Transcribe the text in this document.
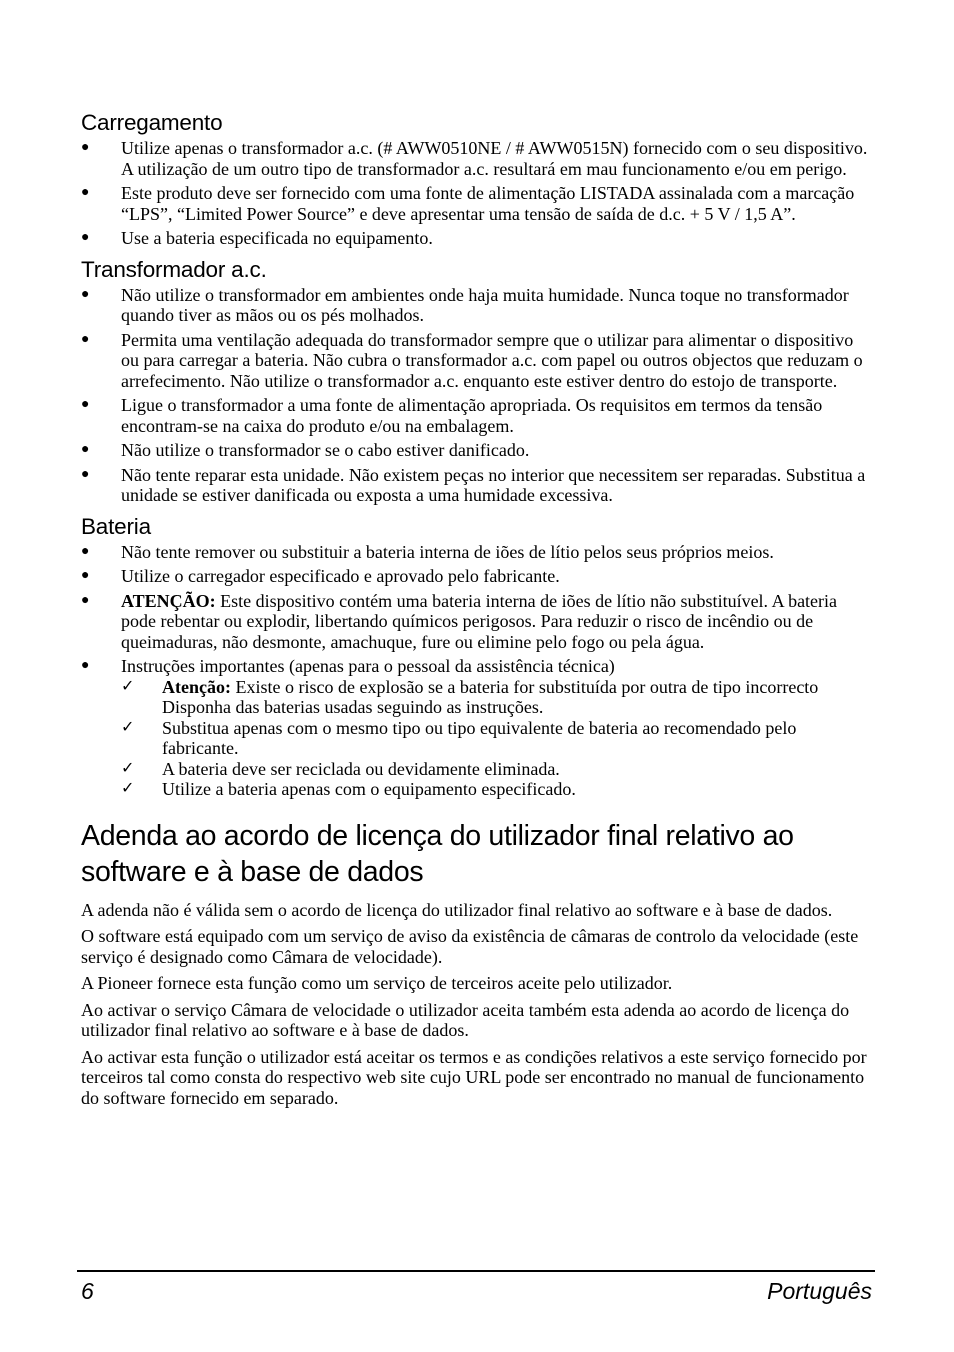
Carregamento
● Utilize apenas o transformador a.c. (# AWW0510NE / # AWW0515N) fornecido com o seu dispositivo. A utilização de um outro tipo de transformador a.c. resultará em mau funcionamento e/ou em perigo.
● Este produto deve ser fornecido com uma fonte de alimentação LISTADA assinalada com a marcação “LPS”, “Limited Power Source” e deve apresentar uma tensão de saída de d.c. + 5 V / 1,5 A”.
● Use a bateria especificada no equipamento.
Transformador a.c.
● Não utilize o transformador em ambientes onde haja muita humidade. Nunca toque no transformador quando tiver as mãos ou os pés molhados.
● Permita uma ventilação adequada do transformador sempre que o utilizar para alimentar o dispositivo ou para carregar a bateria. Não cubra o transformador a.c. com papel ou outros objectos que reduzam o arrefecimento. Não utilize o transformador a.c. enquanto este estiver dentro do estojo de transporte.
● Ligue o transformador a uma fonte de alimentação apropriada. Os requisitos em termos da tensão encontram-se na caixa do produto e/ou na embalagem.
● Não utilize o transformador se o cabo estiver danificado.
● Não tente reparar esta unidade. Não existem peças no interior que necessitem ser reparadas. Substitua a unidade se estiver danificada ou exposta a uma humidade excessiva.
Bateria
● Não tente remover ou substituir a bateria interna de iões de lítio pelos seus próprios meios.
● Utilize o carregador especificado e aprovado pelo fabricante.
● ATENÇÃO: Este dispositivo contém uma bateria interna de iões de lítio não substituível. A bateria pode rebentar ou explodir, libertando químicos perigosos. Para reduzir o risco de incêndio ou de queimaduras, não desmonte, amachuque, fure ou elimine pelo fogo ou pela água.
● Instruções importantes (apenas para o pessoal da assistência técnica)
✓ Atenção: Existe o risco de explosão se a bateria for substituída por outra de tipo incorrecto Disponha das baterias usadas seguindo as instruções.
✓ Substitua apenas com o mesmo tipo ou tipo equivalente de bateria ao recomendado pelo fabricante.
✓ A bateria deve ser reciclada ou devidamente eliminada.
✓ Utilize a bateria apenas com o equipamento especificado.
Adenda ao acordo de licença do utilizador final relativo ao software e à base de dados

A adenda não é válida sem o acordo de licença do utilizador final relativo ao software e à base de dados.

O software está equipado com um serviço de aviso da existência de câmaras de controlo da velocidade (este serviço é designado como Câmara de velocidade).

A Pioneer fornece esta função como um serviço de terceiros aceite pelo utilizador.

Ao activar o serviço Câmara de velocidade o utilizador aceita também esta adenda ao acordo de licença do utilizador final relativo ao software e à base de dados.

Ao activar esta função o utilizador está aceitar os termos e as condições relativos a este serviço fornecido por terceiros tal como consta do respectivo web site cujo URL pode ser encontrado no manual de funcionamento do software fornecido em separado.

6	Português
